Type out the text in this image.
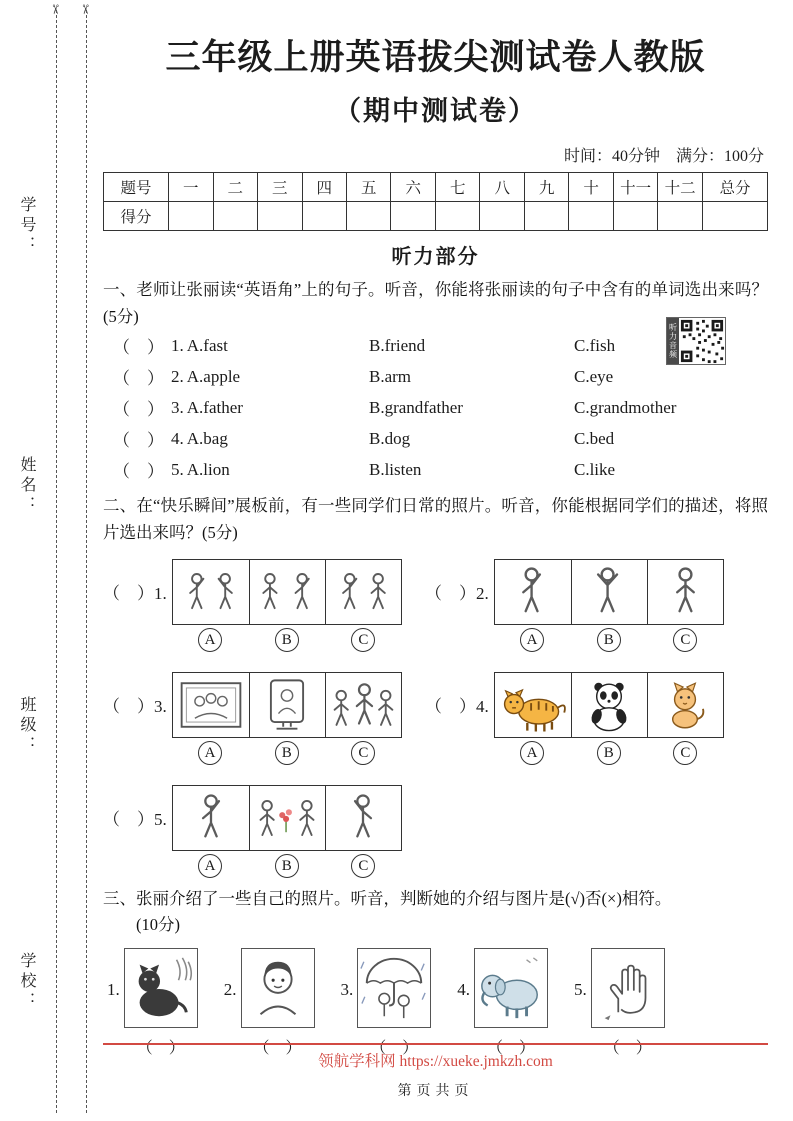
✂ ✂
学号：
姓名：
班级：
学校：
三年级上册英语拔尖测试卷人教版
（期中测试卷）
时间：40分钟　满分：100分
题号	一	二	三	四	五	六	七	八	九	十	十一	十二	总分
得分													
听力部分

一、老师让张丽读“英语角”上的句子。听音，你能将张丽读的句子中含有的单词选出来吗？(5分)

听力音频
（　） 1. A.fast	B.friend	C.fish
（　） 2. A.apple	B.arm	C.eye
（　） 3. A.father	B.grandfather	C.grandmother
（　） 4. A.bag	B.dog	C.bed
（　） 5. A.lion	B.listen	C.like

二、在“快乐瞬间”展板前，有一些同学们日常的照片。听音，你能根据同学们的描述，将照片选出来吗？(5分)

（　）1.
A	B	C
（　）2.
A	B	C
（　）3.
A	B	C
（　）4.
A	B	C
（　）5.
A	B	C

三、张丽介绍了一些自己的照片。听音，判断她的介绍与图片是(√)否(×)相符。

(10分)

1.
（　）
2.
（　）
3.
（　）
4.
（　）
5.
（　）
领航学科网 https://xueke.jmkzh.com
第页共页
